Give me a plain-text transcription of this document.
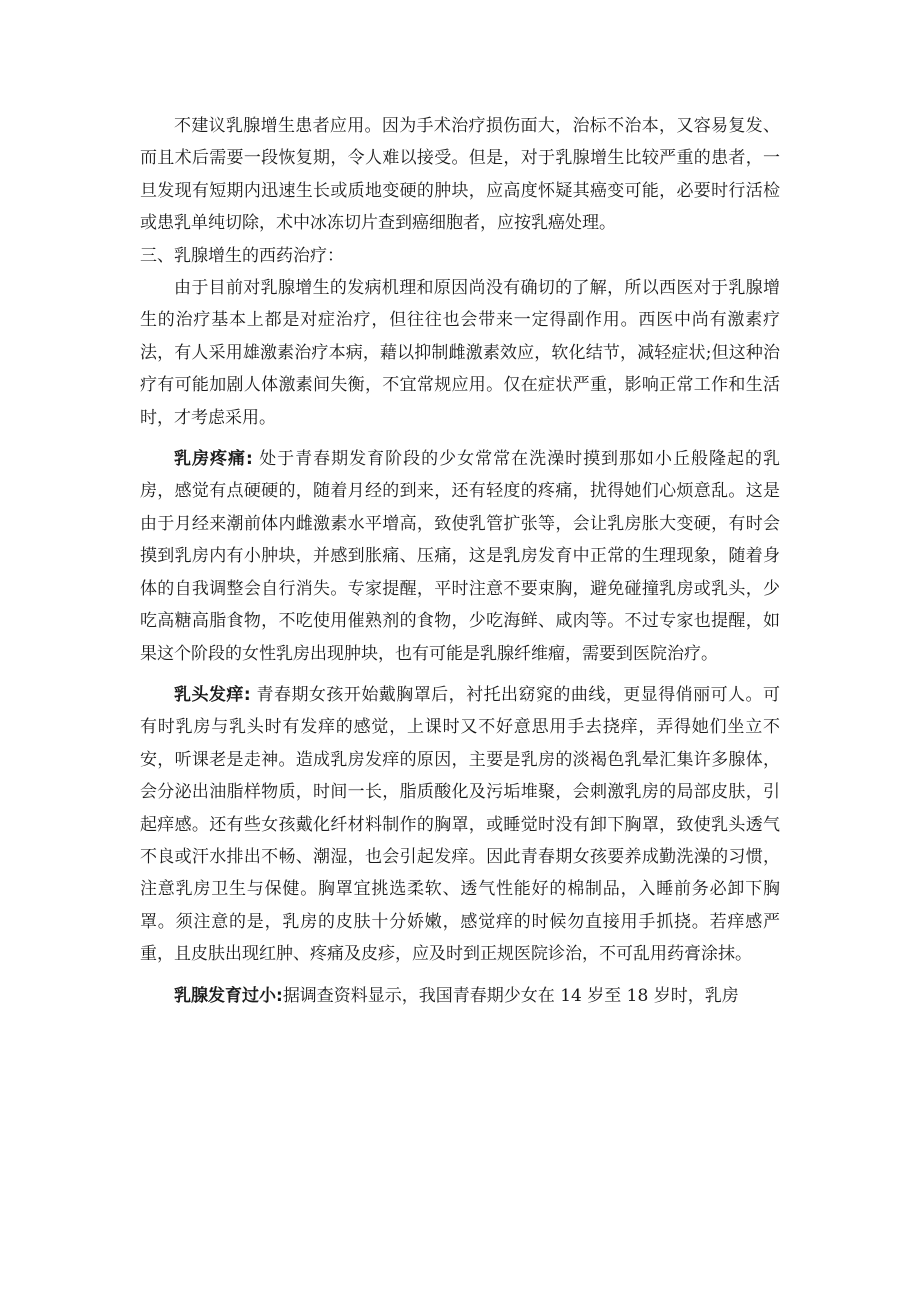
不建议乳腺增生患者应用。因为手术治疗损伤面大，治标不治本，又容易复发、而且术后需要一段恢复期，令人难以接受。但是，对于乳腺增生比较严重的患者，一旦发现有短期内迅速生长或质地变硬的肿块，应高度怀疑其癌变可能，必要时行活检或患乳单纯切除，术中冰冻切片查到癌细胞者，应按乳癌处理。

三、乳腺增生的西药治疗：

由于目前对乳腺增生的发病机理和原因尚没有确切的了解，所以西医对于乳腺增生的治疗基本上都是对症治疗，但往往也会带来一定得副作用。西医中尚有激素疗法，有人采用雄激素治疗本病，藉以抑制雌激素效应，软化结节，减轻症状;但这种治疗有可能加剧人体激素间失衡，不宜常规应用。仅在症状严重，影响正常工作和生活时，才考虑采用。

乳房疼痛: 处于青春期发育阶段的少女常常在洗澡时摸到那如小丘般隆起的乳房，感觉有点硬硬的，随着月经的到来，还有轻度的疼痛，扰得她们心烦意乱。这是由于月经来潮前体内雌激素水平增高，致使乳管扩张等，会让乳房胀大变硬，有时会摸到乳房内有小肿块，并感到胀痛、压痛，这是乳房发育中正常的生理现象，随着身体的自我调整会自行消失。专家提醒，平时注意不要束胸，避免碰撞乳房或乳头，少吃高糖高脂食物，不吃使用催熟剂的食物，少吃海鲜、咸肉等。不过专家也提醒，如果这个阶段的女性乳房出现肿块，也有可能是乳腺纤维瘤，需要到医院治疗。

乳头发痒: 青春期女孩开始戴胸罩后，衬托出窈窕的曲线，更显得俏丽可人。可有时乳房与乳头时有发痒的感觉，上课时又不好意思用手去挠痒，弄得她们坐立不安，听课老是走神。造成乳房发痒的原因，主要是乳房的淡褐色乳晕汇集许多腺体，会分泌出油脂样物质，时间一长，脂质酸化及污垢堆聚，会刺激乳房的局部皮肤，引起痒感。还有些女孩戴化纤材料制作的胸罩，或睡觉时没有卸下胸罩，致使乳头透气不良或汗水排出不畅、潮湿，也会引起发痒。因此青春期女孩要养成勤洗澡的习惯，注意乳房卫生与保健。胸罩宜挑选柔软、透气性能好的棉制品，入睡前务必卸下胸罩。须注意的是，乳房的皮肤十分娇嫩，感觉痒的时候勿直接用手抓挠。若痒感严重，且皮肤出现红肿、疼痛及皮疹，应及时到正规医院诊治，不可乱用药膏涂抹。

乳腺发育过小:据调查资料显示，我国青春期少女在 14 岁至 18 岁时，乳房
